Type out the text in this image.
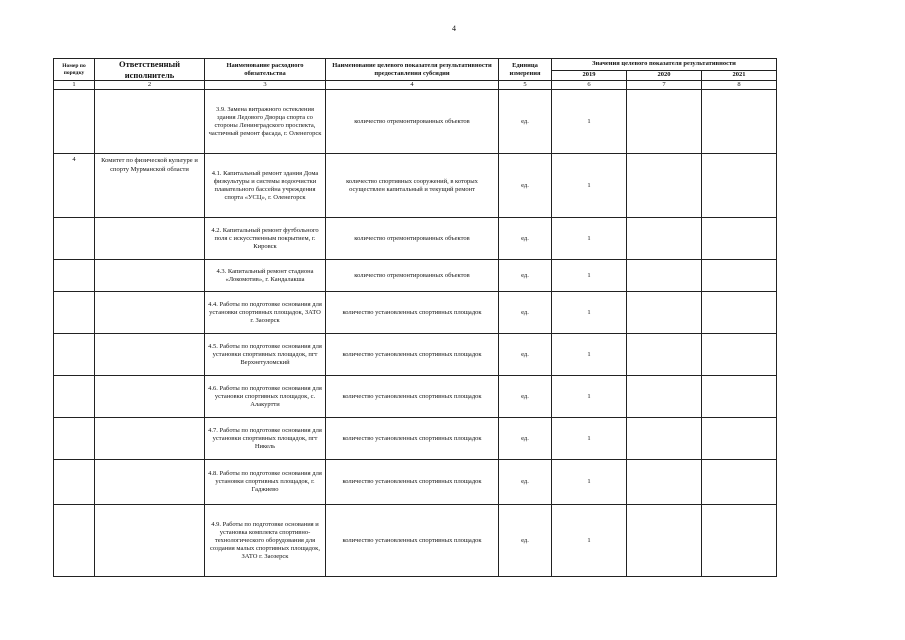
4
Номер по порядку	Ответственный исполнитель	Наименование расходного обязательства	Наименование целевого показателя результативности предоставления субсидии	Единица измерения	Значения целевого показателя результативности		
					2019	2020	2021
1	2	3	4	5	6	7	8
		3.9. Замена витражного остекления здания Ледового Дворца спорта со стороны Ленинградского проспекта, частичный ремонт фасада, г. Оленегорск	количество отремонтированных объектов	ед.	1		
4	Комитет по физической культуре и спорту Мурманской области	4.1. Капитальный ремонт здания Дома физкультуры и системы водоочистки плавательного бассейна учреждения спорта «УСЦ», г. Оленегорск	количество спортивных сооружений, в которых осуществлен капитальный и текущий ремонт	ед.	1		
		4.2. Капитальный ремонт футбольного поля с искусственным покрытием, г. Кировск	количество отремонтированных объектов	ед.	1		
		4.3. Капитальный ремонт стадиона «Локомотив», г. Кандалакша	количество отремонтированных объектов	ед.	1		
		4.4. Работы по подготовке основания для установки спортивных площадок, ЗАТО г. Заозерск	количество установленных спортивных площадок	ед.	1		
		4.5. Работы по подготовке основания для установки спортивных площадок, пгт Верхнетуломский	количество установленных спортивных площадок	ед.	1		
		4.6. Работы по подготовке основания для установки спортивных площадок, с. Алакуртти	количество установленных спортивных площадок	ед.	1		
		4.7. Работы по подготовке основания для установки спортивных площадок, пгт Никель	количество установленных спортивных площадок	ед.	1		
		4.8. Работы по подготовке основания для установки спортивных площадок, г. Гаджиево	количество установленных спортивных площадок	ед.	1		
		4.9. Работы по подготовке основания и установка комплекта спортивно-технологического оборудования для создания малых спортивных площадок, ЗАТО г. Заозерск	количество установленных спортивных площадок	ед.	1		
